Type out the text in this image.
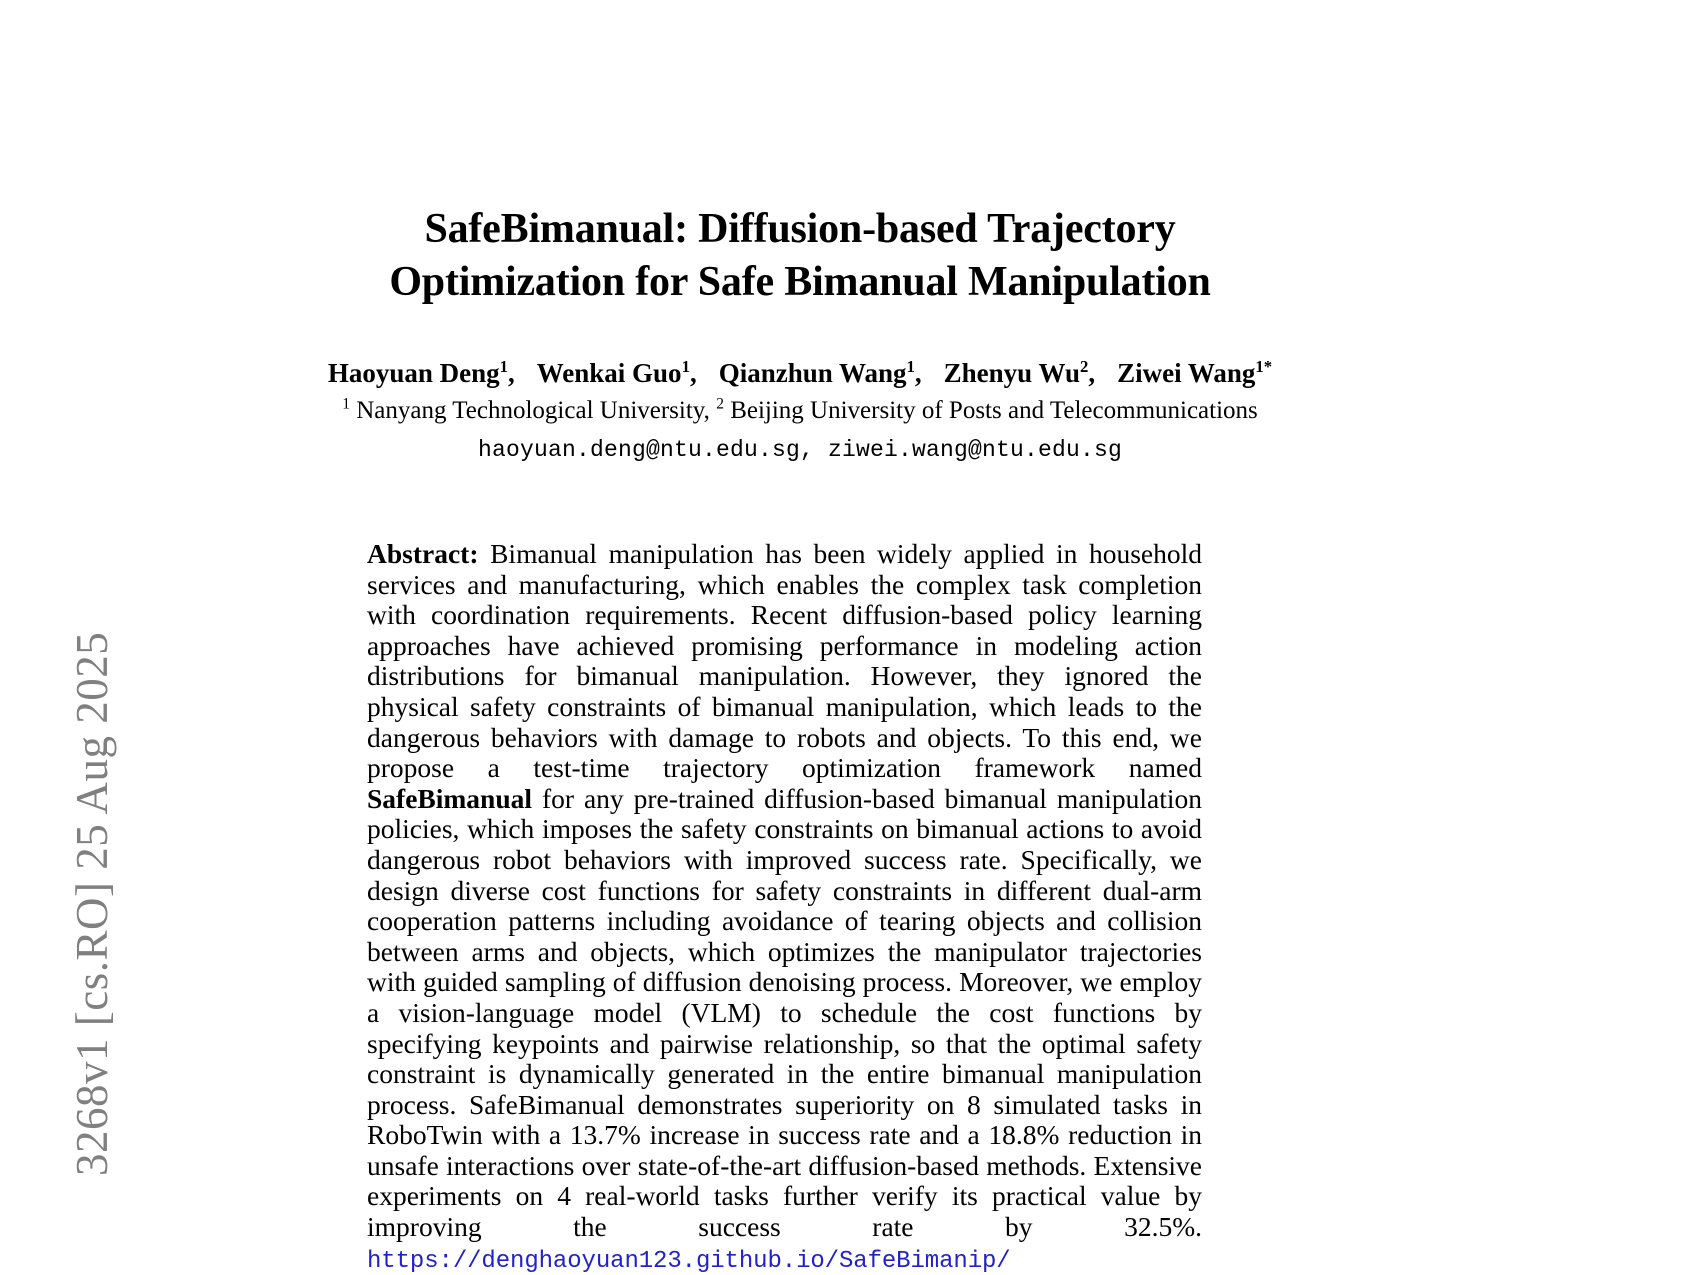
3268v1 [cs.RO] 25 Aug 2025
SafeBimanual: Diffusion-based Trajectory
Optimization for Safe Bimanual Manipulation
Haoyuan Deng$^1$, Wenkai Guo$^1$, Qianzhun Wang$^1$, Zhenyu Wu$^2$, Ziwei Wang$^{1*}$
$^1$ Nanyang Technological University, $^2$ Beijing University of Posts and Telecommunications
haoyuan.deng@ntu.edu.sg, ziwei.wang@ntu.edu.sg

Abstract: Bimanual manipulation has been widely applied in household services and manufacturing, which enables the complex task completion with coordination requirements. Recent diffusion-based policy learning approaches have achieved promising performance in modeling action distributions for bimanual manipulation. However, they ignored the physical safety constraints of bimanual manipulation, which leads to the dangerous behaviors with damage to robots and objects. To this end, we propose a test-time trajectory optimization framework named SafeBimanual for any pre-trained diffusion-based bimanual manipulation policies, which imposes the safety constraints on bimanual actions to avoid dangerous robot behaviors with improved success rate. Specifically, we design diverse cost functions for safety constraints in different dual-arm cooperation patterns including avoidance of tearing objects and collision between arms and objects, which optimizes the manipulator trajectories with guided sampling of diffusion denoising process. Moreover, we employ a vision-language model (VLM) to schedule the cost functions by specifying keypoints and pairwise relationship, so that the optimal safety constraint is dynamically generated in the entire bimanual manipulation process. SafeBimanual demonstrates superiority on 8 simulated tasks in RoboTwin with a 13.7% increase in success rate and a 18.8% reduction in unsafe interactions over state-of-the-art diffusion-based methods. Extensive experiments on 4 real-world tasks further verify its practical value by improving the success rate by 32.5%. https://denghaoyuan123.github.io/SafeBimanip/
